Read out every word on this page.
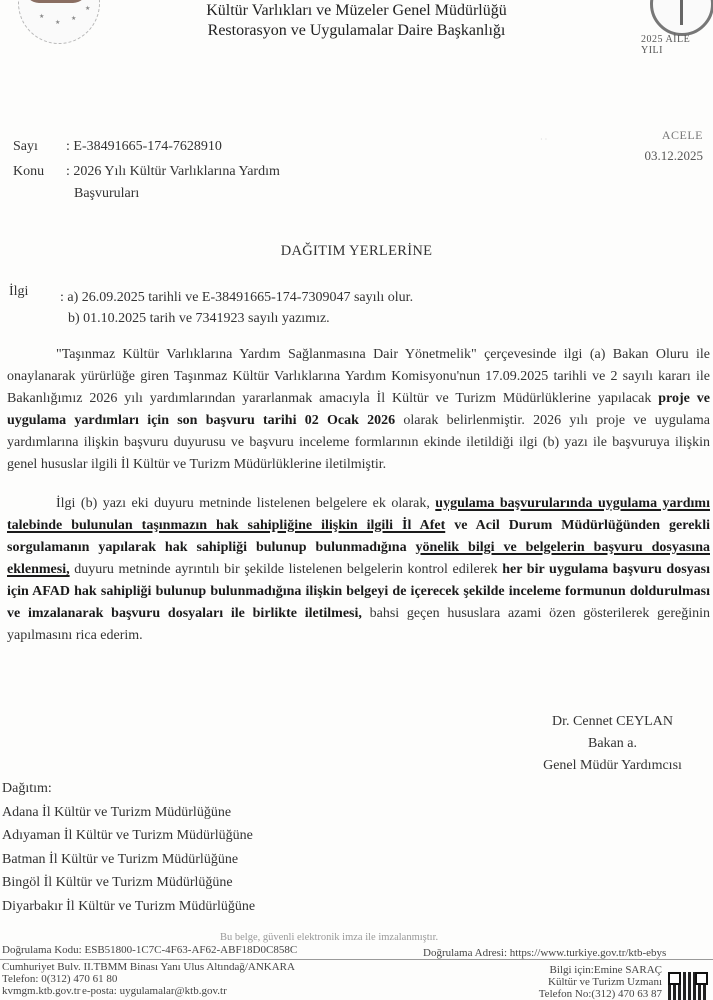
★
★
★
★
2025 AİLE YILI
Kültür Varlıkları ve Müzeler Genel Müdürlüğü
Restorasyon ve Uygulamalar Daire Başkanlığı
Sayı : E-38491665-174-7628910
Konu : 2026 Yılı Kültür Varlıklarına Yardım
Başvuruları
· ·	ACELE
03.12.2025
DAĞITIM YERLERİNE
İlgi : a) 26.09.2025 tarihli ve E-38491665-174-7309047 sayılı olur.
b) 01.10.2025 tarih ve 7341923 sayılı yazımız.
"Taşınmaz Kültür Varlıklarına Yardım Sağlanmasına Dair Yönetmelik" çerçevesinde ilgi (a) Bakan Oluru ile onaylanarak yürürlüğe giren Taşınmaz Kültür Varlıklarına Yardım Komisyonu'nun 17.09.2025 tarihli ve 2 sayılı kararı ile Bakanlığımız 2026 yılı yardımlarından yararlanmak amacıyla İl Kültür ve Turizm Müdürlüklerine yapılacak proje ve uygulama yardımları için son başvuru tarihi 02 Ocak 2026 olarak belirlenmiştir. 2026 yılı proje ve uygulama yardımlarına ilişkin başvuru duyurusu ve başvuru inceleme formlarının ekinde iletildiği ilgi (b) yazı ile başvuruya ilişkin genel hususlar ilgili İl Kültür ve Turizm Müdürlüklerine iletilmiştir.
İlgi (b) yazı eki duyuru metninde listelenen belgelere ek olarak, uygulama başvurularında uygulama yardımı talebinde bulunulan taşınmazın hak sahipliğine ilişkin ilgili İl Afet ve Acil Durum Müdürlüğünden gerekli sorgulamanın yapılarak hak sahipliği bulunup bulunmadığına yönelik bilgi ve belgelerin başvuru dosyasına eklenmesi, duyuru metninde ayrıntılı bir şekilde listelenen belgelerin kontrol edilerek her bir uygulama başvuru dosyası için AFAD hak sahipliği bulunup bulunmadığına ilişkin belgeyi de içerecek şekilde inceleme formunun doldurulması ve imzalanarak başvuru dosyaları ile birlikte iletilmesi, bahsi geçen hususlara azami özen gösterilerek gereğinin yapılmasını rica ederim.
Dr. Cennet CEYLAN
Bakan a.
Genel Müdür Yardımcısı
Dağıtım:
Adana İl Kültür ve Turizm Müdürlüğüne
Adıyaman İl Kültür ve Turizm Müdürlüğüne
Batman İl Kültür ve Turizm Müdürlüğüne
Bingöl İl Kültür ve Turizm Müdürlüğüne
Diyarbakır İl Kültür ve Turizm Müdürlüğüne
Bu belge, güvenli elektronik imza ile imzalanmıştır.
Doğrulama Kodu: ESB51800-1C7C-4F63-AF62-ABF18D0C858C	Doğrulama Adresi: https://www.turkiye.gov.tr/ktb-ebys
Cumhuriyet Bulv. II.TBMM Binası Yanı Ulus Altındağ/ANKARA
Telefon: 0(312) 470 61 80
kvmgm.ktb.gov.tr e-posta: uygulamalar@ktb.gov.tr
Bilgi için:Emine SARAÇ
Kültür ve Turizm Uzmanı
Telefon No:(312) 470 63 87
